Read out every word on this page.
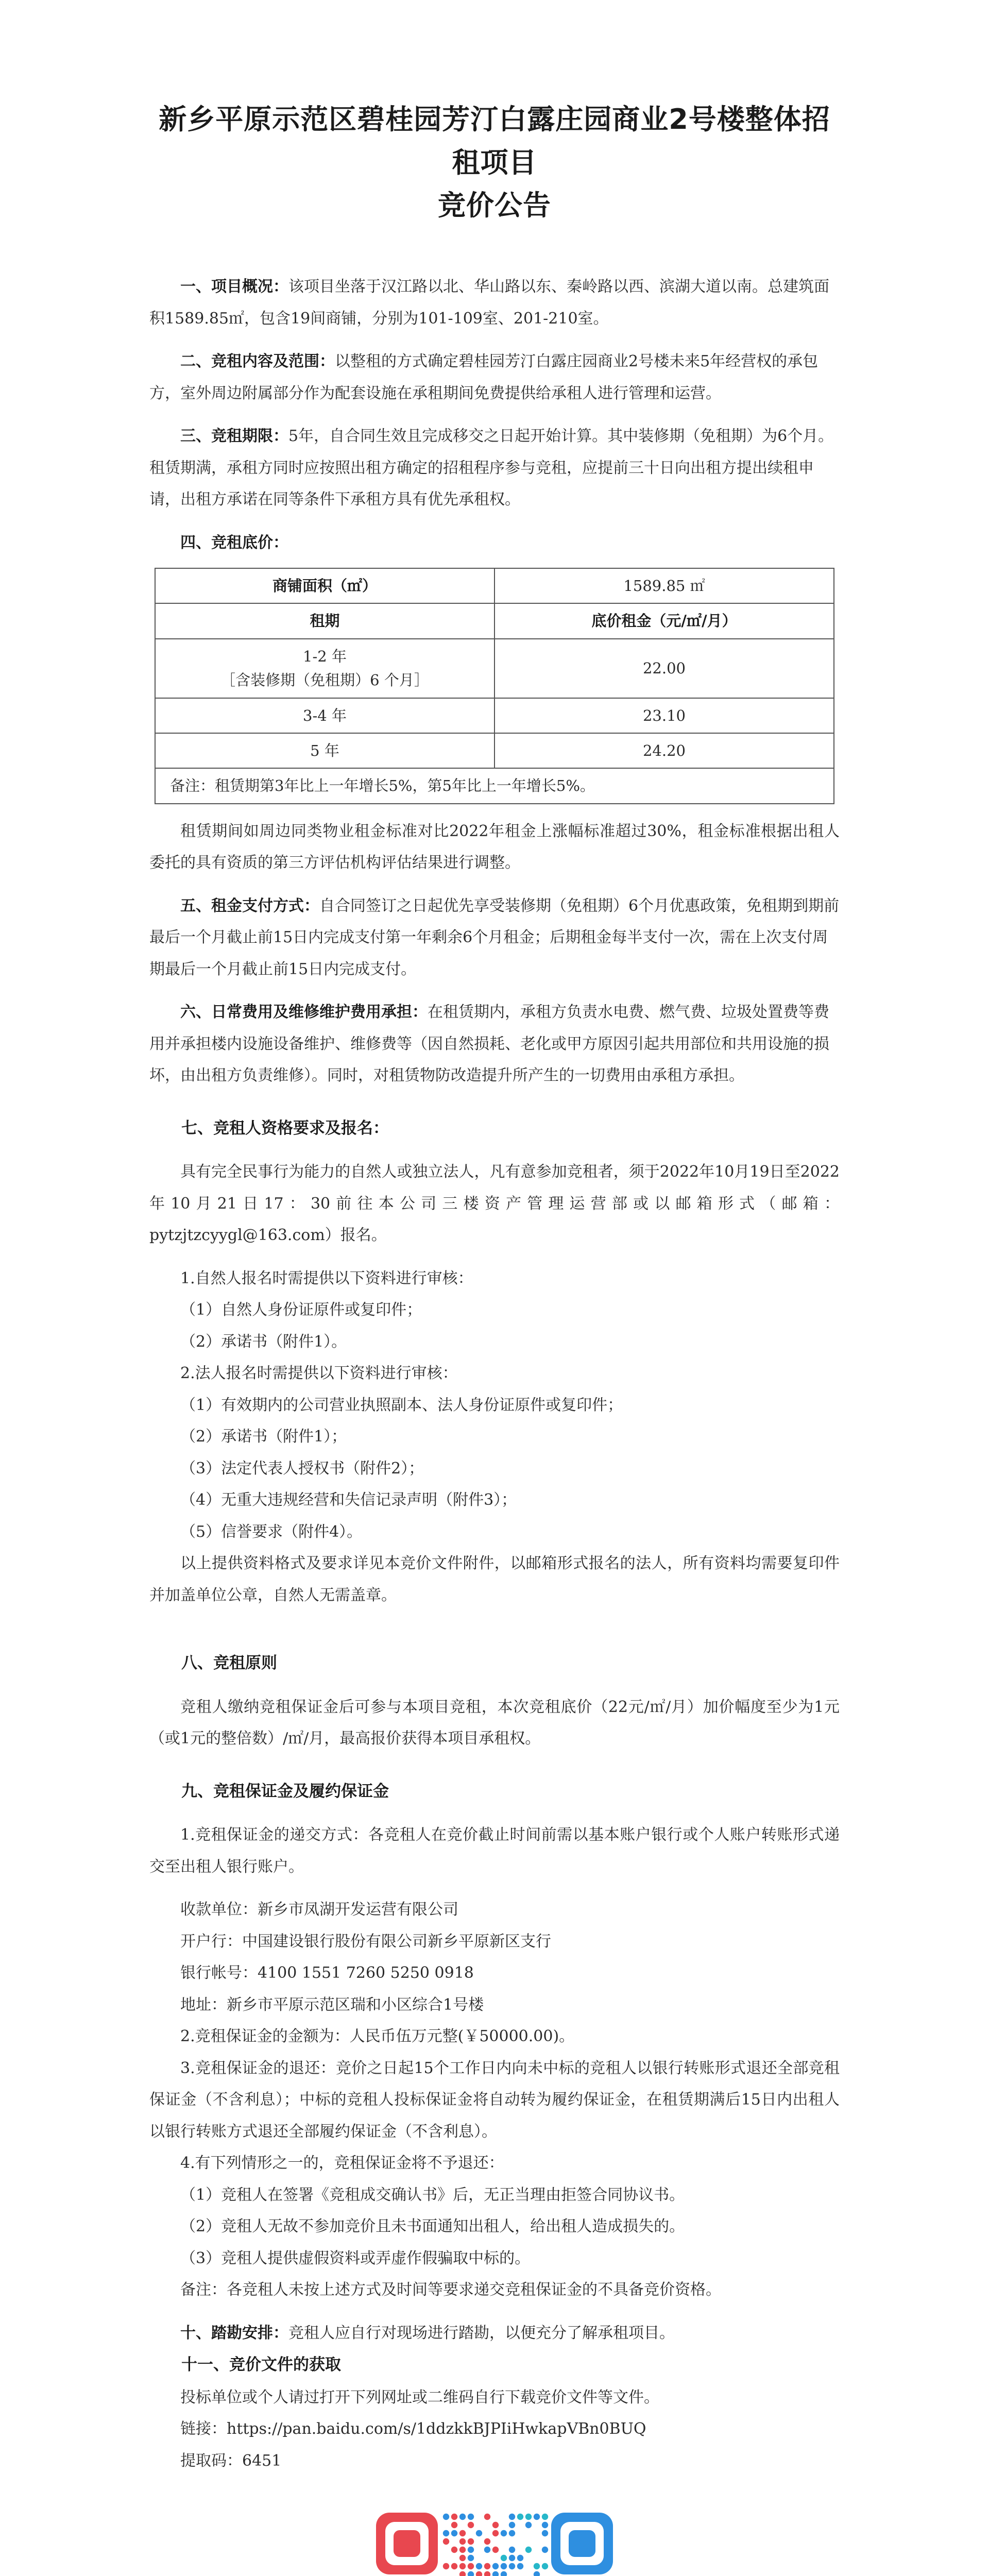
新乡平原示范区碧桂园芳汀白露庄园商业2号楼整体招租项目
竞价公告

一、项目概况：该项目坐落于汉江路以北、华山路以东、秦岭路以西、滨湖大道以南。总建筑面积1589.85㎡，包含19间商铺，分别为101-109室、201-210室。

二、竞租内容及范围：以整租的方式确定碧桂园芳汀白露庄园商业2号楼未来5年经营权的承包方，室外周边附属部分作为配套设施在承租期间免费提供给承租人进行管理和运营。

三、竞租期限：5年，自合同生效且完成移交之日起开始计算。其中装修期（免租期）为6个月。租赁期满，承租方同时应按照出租方确定的招租程序参与竞租，应提前三十日向出租方提出续租申请，出租方承诺在同等条件下承租方具有优先承租权。

四、竞租底价：

商铺面积（㎡）	1589.85 ㎡
租期	底价租金（元/㎡/月）

1-2 年
［含装修期（免租期）6 个月］	22.00
3-4 年	23.10
5 年	24.20
备注：租赁期第3年比上一年增长5%，第5年比上一年增长5%。	

租赁期间如周边同类物业租金标准对比2022年租金上涨幅标准超过30%，租金标准根据出租人委托的具有资质的第三方评估机构评估结果进行调整。

五、租金支付方式：自合同签订之日起优先享受装修期（免租期）6个月优惠政策，免租期到期前最后一个月截止前15日内完成支付第一年剩余6个月租金；后期租金每半支付一次，需在上次支付周期最后一个月截止前15日内完成支付。

六、日常费用及维修维护费用承担：在租赁期内，承租方负责水电费、燃气费、垃圾处置费等费用并承担楼内设施设备维护、维修费等（因自然损耗、老化或甲方原因引起共用部位和共用设施的损坏，由出租方负责维修）。同时，对租赁物防改造提升所产生的一切费用由承租方承担。

七、竞租人资格要求及报名：

具有完全民事行为能力的自然人或独立法人，凡有意参加竞租者，须于2022年10月19日至2022年10月21日17：30前往本公司三楼资产管理运营部或以邮箱形式（邮箱：pytzjtzcyygl@163.com）报名。

1.自然人报名时需提供以下资料进行审核：

（1）自然人身份证原件或复印件；

（2）承诺书（附件1）。

2.法人报名时需提供以下资料进行审核：

（1）有效期内的公司营业执照副本、法人身份证原件或复印件；

（2）承诺书（附件1）；

（3）法定代表人授权书（附件2）；

（4）无重大违规经营和失信记录声明（附件3）；

（5）信誉要求（附件4）。

以上提供资料格式及要求详见本竞价文件附件，以邮箱形式报名的法人，所有资料均需要复印件并加盖单位公章，自然人无需盖章。

八、竞租原则

竞租人缴纳竞租保证金后可参与本项目竞租，本次竞租底价（22元/㎡/月）加价幅度至少为1元（或1元的整倍数）/㎡/月，最高报价获得本项目承租权。

九、竞租保证金及履约保证金

1.竞租保证金的递交方式：各竞租人在竞价截止时间前需以基本账户银行或个人账户转账形式递交至出租人银行账户。

收款单位：新乡市凤湖开发运营有限公司

开户行：中国建设银行股份有限公司新乡平原新区支行

银行帐号：4100 1551 7260 5250 0918

地址：新乡市平原示范区瑞和小区综合1号楼

2.竞租保证金的金额为：人民币伍万元整(￥50000.00)。

3.竞租保证金的退还：竞价之日起15个工作日内向未中标的竞租人以银行转账形式退还全部竞租保证金（不含利息）；中标的竞租人投标保证金将自动转为履约保证金，在租赁期满后15日内出租人以银行转账方式退还全部履约保证金（不含利息）。

4.有下列情形之一的，竞租保证金将不予退还：

（1）竞租人在签署《竞租成交确认书》后，无正当理由拒签合同协议书。

（2）竞租人无故不参加竞价且未书面通知出租人，给出租人造成损失的。

（3）竞租人提供虚假资料或弄虚作假骗取中标的。

备注：各竞租人未按上述方式及时间等要求递交竞租保证金的不具备竞价资格。

十、踏勘安排：竞租人应自行对现场进行踏勘，以便充分了解承租项目。

十一、竞价文件的获取

投标单位或个人请过打开下列网址或二维码自行下载竞价文件等文件。

链接：https://pan.baidu.com/s/1ddzkkBJPIiHwkapVBn0BUQ

提取码：6451
